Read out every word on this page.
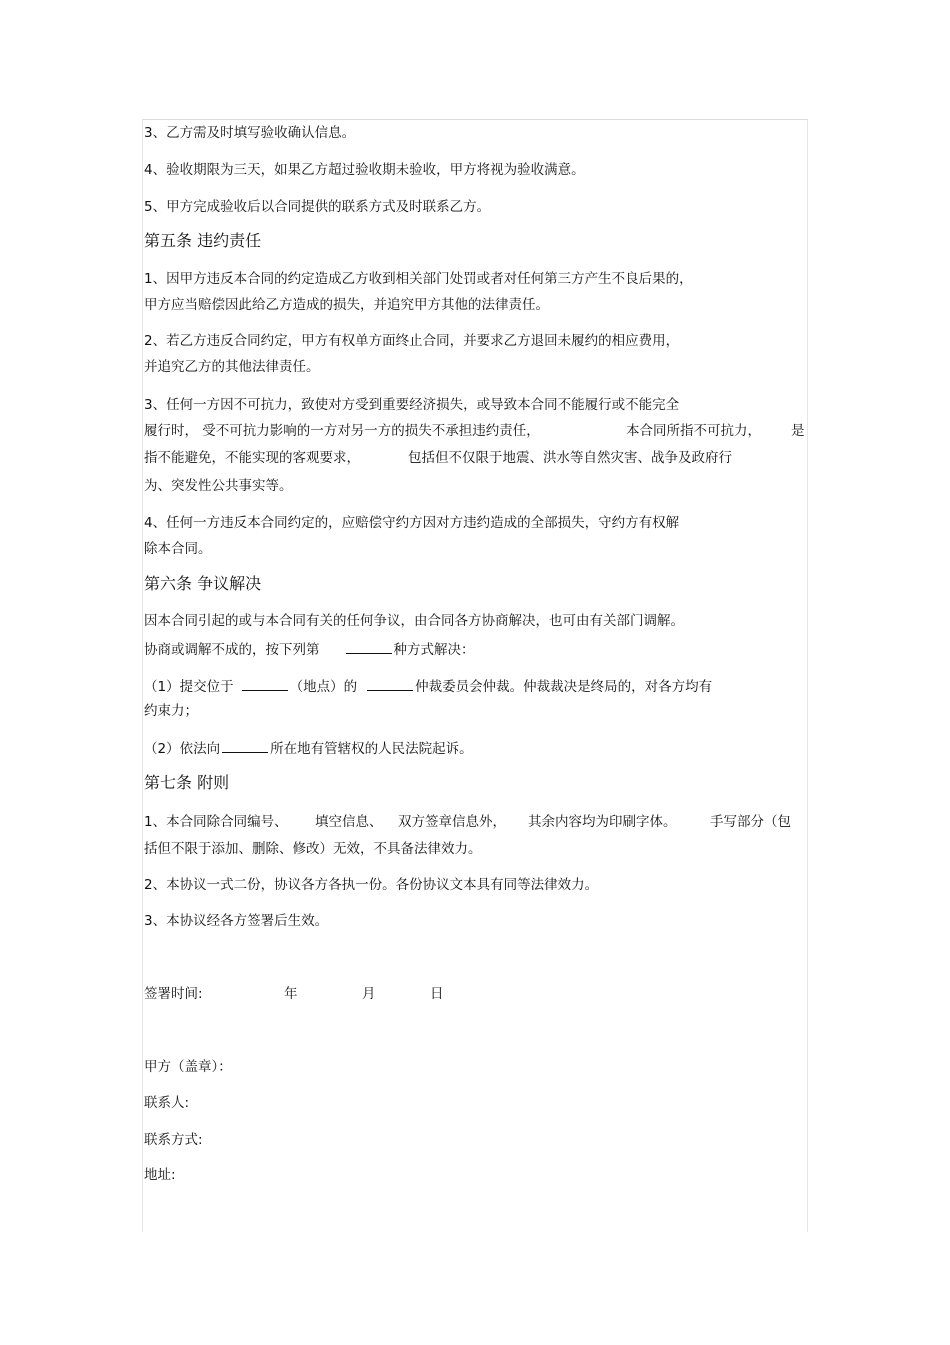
3、乙方需及时填写验收确认信息。
4、验收期限为三天，如果乙方超过验收期未验收，甲方将视为验收满意。
5、甲方完成验收后以合同提供的联系方式及时联系乙方。
第五条 违约责任
1、因甲方违反本合同的约定造成乙方收到相关部门处罚或者对任何第三方产生不良后果的，
甲方应当赔偿因此给乙方造成的损失，并追究甲方其他的法律责任。
2、若乙方违反合同约定，甲方有权单方面终止合同，并要求乙方退回未履约的相应费用，
并追究乙方的其他法律责任。
3、任何一方因不可抗力，致使对方受到重要经济损失，或导致本合同不能履行或不能完全
履行时， 受不可抗力影响的一方对另一方的损失不承担违约责任，	本合同所指不可抗力， 是
指不能避免，不能实现的客观要求，	包括但不仅限于地震、洪水等自然灾害、战争及政府行
为、突发性公共事实等。
4、任何一方违反本合同约定的，应赔偿守约方因对方违约造成的全部损失，守约方有权解
除本合同。
第六条 争议解决
因本合同引起的或与本合同有关的任何争议，由合同各方协商解决，也可由有关部门调解。
协商或调解不成的，按下列第	种方式解决：
（1）提交位于	（地点）的	仲裁委员会仲裁。仲裁裁决是终局的，对各方均有
约束力；
（2）依法向	所在地有管辖权的人民法院起诉。
第七条 附则
1、本合同除合同编号、 填空信息、 双方签章信息外， 其余内容均为印刷字体。 手写部分（包
括但不限于添加、删除、修改）无效，不具备法律效力。
2、本协议一式二份，协议各方各执一份。各份协议文本具有同等法律效力。
3、本协议经各方签署后生效。
签署时间:	年	月	日
甲方（盖章）：
联系人:
联系方式:
地址:
